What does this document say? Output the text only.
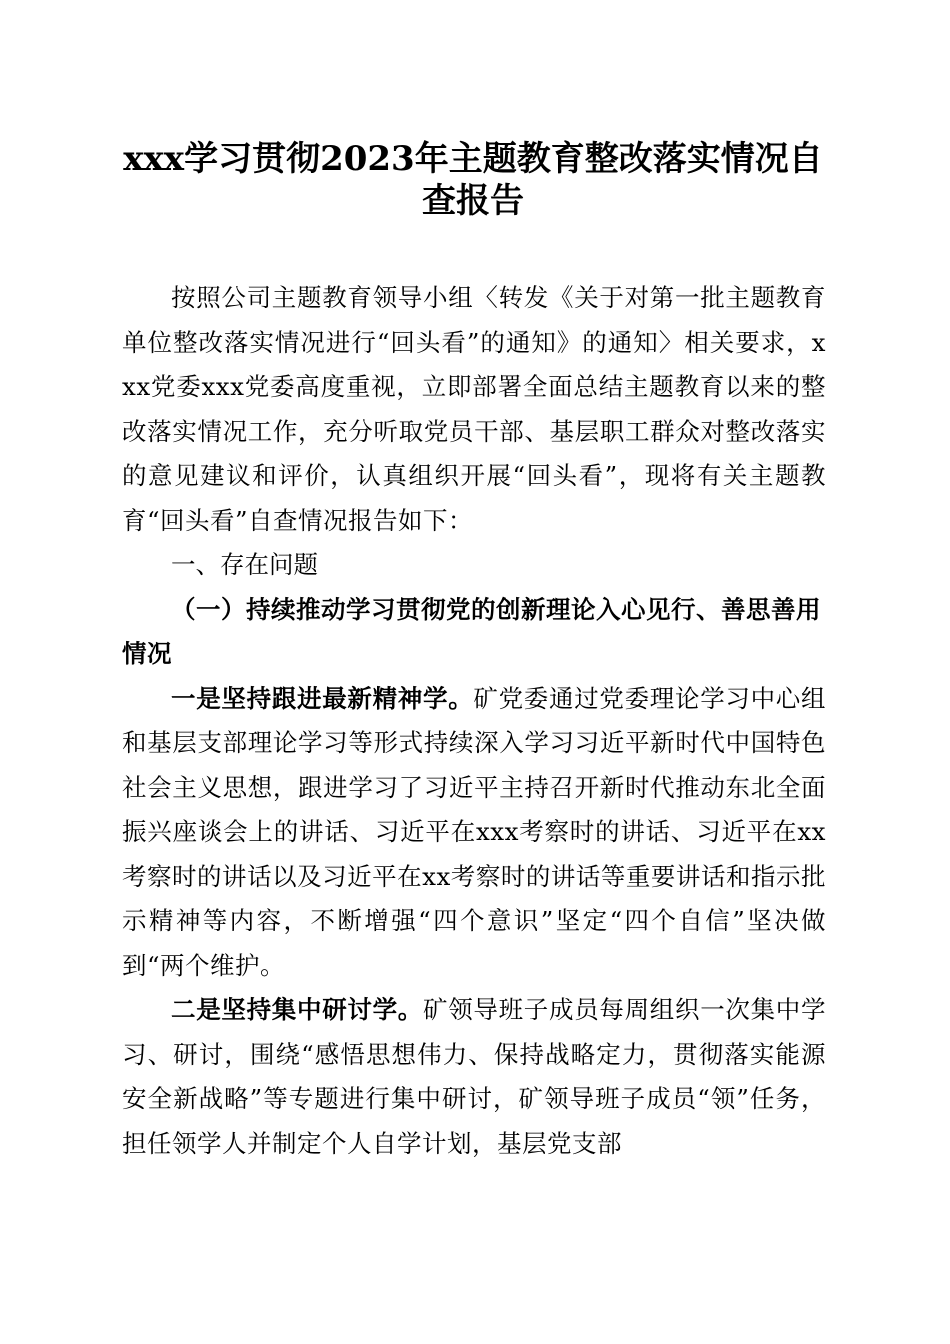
xxx学习贯彻2023年主题教育整改落实情况自查报告

按照公司主题教育领导小组〈转发《关于对第一批主题教育单位整改落实情况进行“回头看”的通知》的通知〉相关要求，xxx党委xxx党委高度重视，立即部署全面总结主题教育以来的整改落实情况工作，充分听取党员干部、基层职工群众对整改落实的意见建议和评价，认真组织开展“回头看”，现将有关主题教育“回头看”自查情况报告如下：

一、存在问题

（一）持续推动学习贯彻党的创新理论入心见行、善思善用情况

一是坚持跟进最新精神学。矿党委通过党委理论学习中心组和基层支部理论学习等形式持续深入学习习近平新时代中国特色社会主义思想，跟进学习了习近平主持召开新时代推动东北全面振兴座谈会上的讲话、习近平在xxx考察时的讲话、习近平在xx考察时的讲话以及习近平在xx考察时的讲话等重要讲话和指示批示精神等内容，不断增强“四个意识”坚定“四个自信”坚决做到“两个维护。

二是坚持集中研讨学。矿领导班子成员每周组织一次集中学习、研讨，围绕“感悟思想伟力、保持战略定力，贯彻落实能源安全新战略”等专题进行集中研讨，矿领导班子成员“领”任务，担任领学人并制定个人自学计划，基层党支部
